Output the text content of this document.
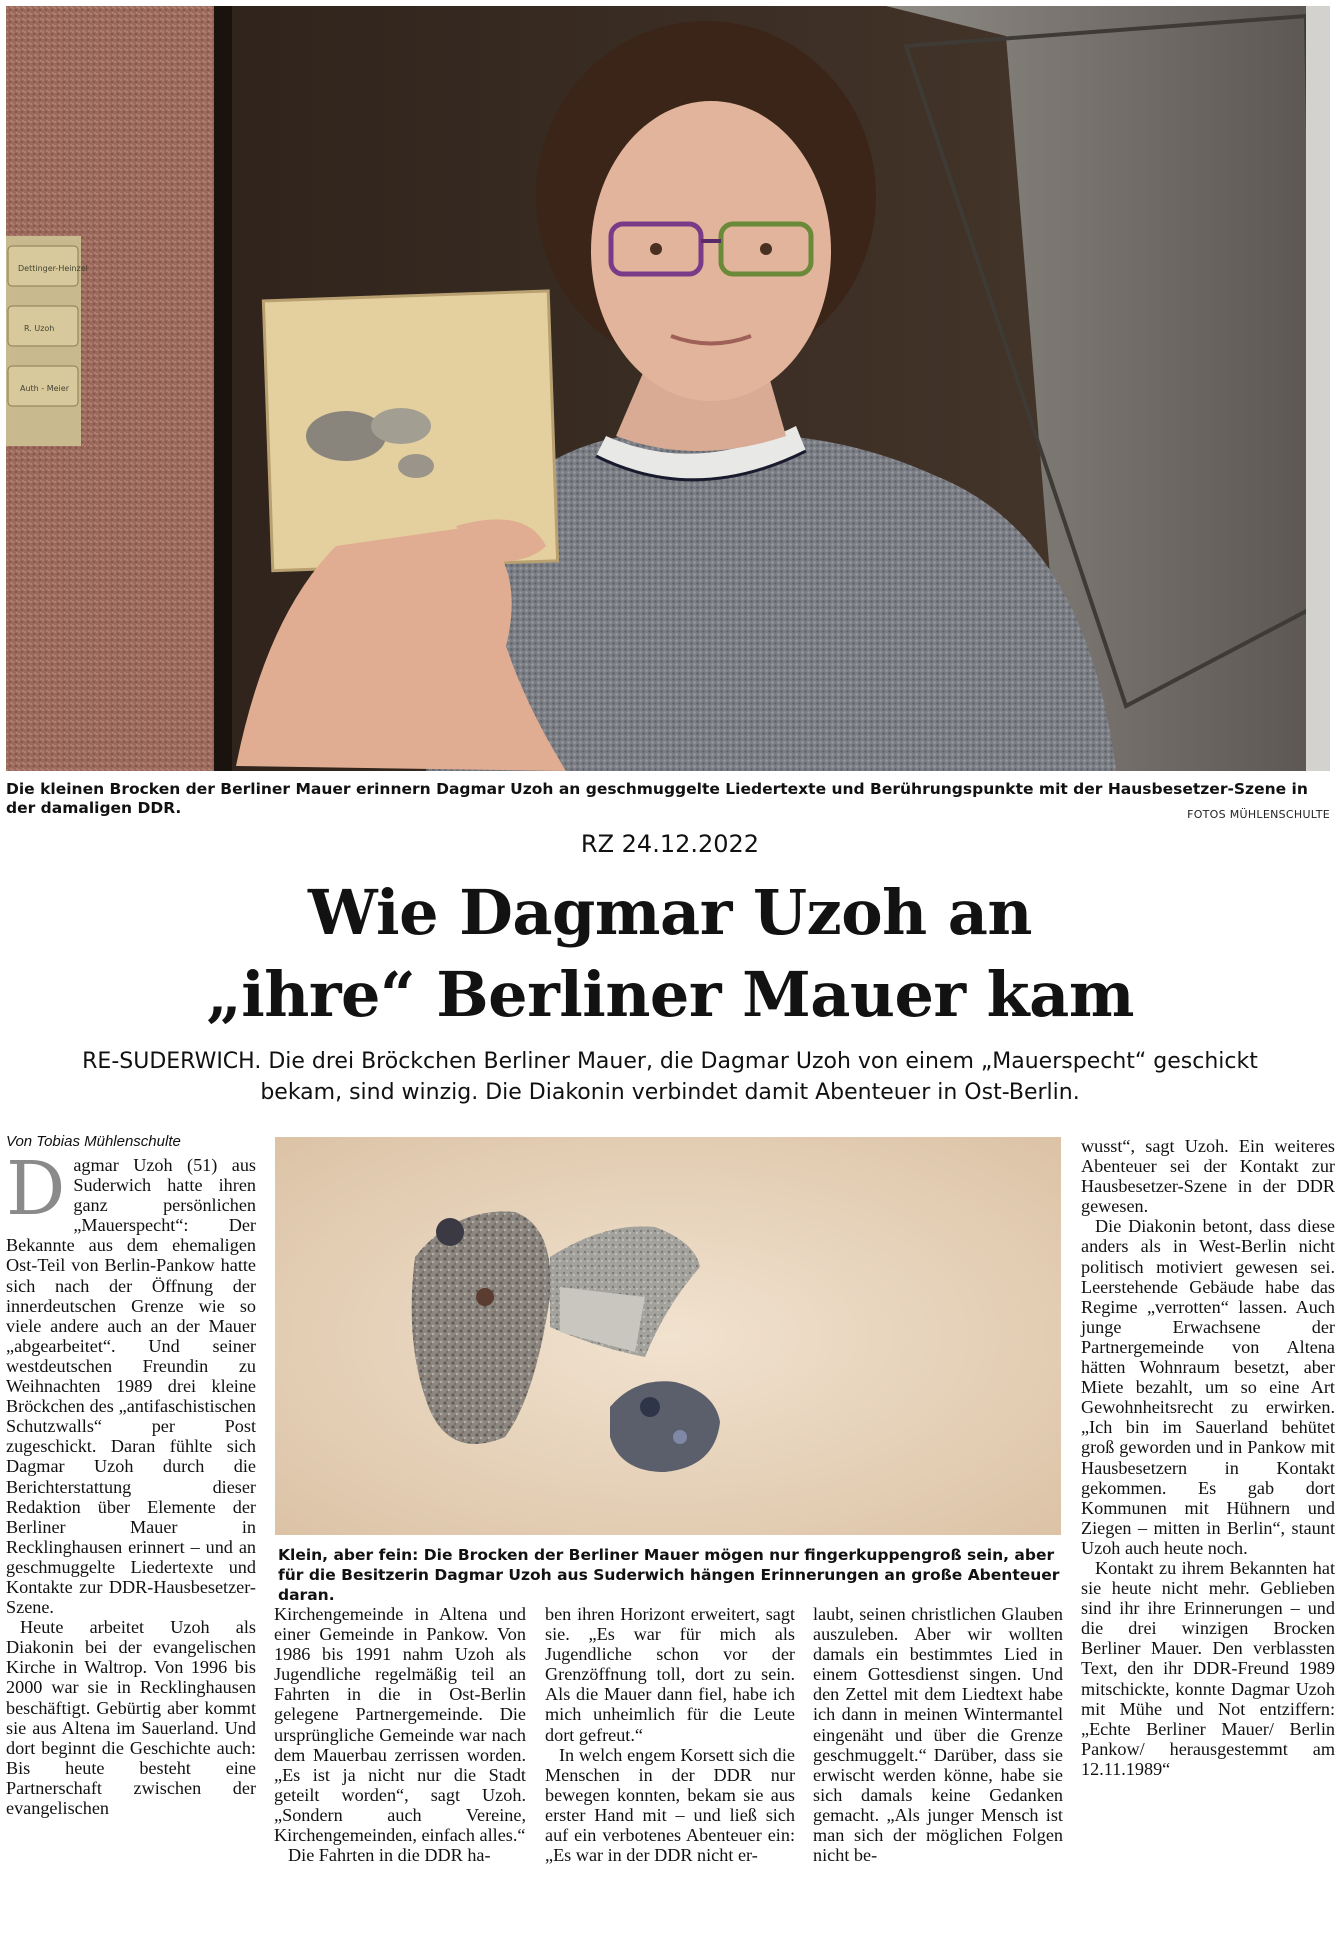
Dettinger-Heinzel
R. Uzoh
Auth - Meier
Die kleinen Brocken der Berliner Mauer erinnern Dagmar Uzoh an geschmuggelte Liedertexte und Berührungspunkte mit der Hausbesetzer-Szene in der damaligen DDR.	FOTOS MÜHLENSCHULTE
RZ 24.12.2022
Wie Dagmar Uzoh an
„ihre“ Berliner Mauer kam
RE-SUDERWICH. Die drei Bröckchen Berliner Mauer, die Dagmar Uzoh von einem „Mauerspecht“ geschickt bekam, sind winzig. Die Diakonin verbindet damit Abenteuer in Ost-Berlin.

Von Tobias Mühlenschulte

Dagmar Uzoh (51) aus Suderwich hatte ihren ganz persönlichen „Mauerspecht“: Der Bekannte aus dem ehemaligen Ost-Teil von Berlin-Pankow hatte sich nach der Öffnung der innerdeutschen Grenze wie so viele andere auch an der Mauer „abgearbeitet“. Und seiner westdeutschen Freundin zu Weihnachten 1989 drei kleine Bröckchen des „antifaschistischen Schutzwalls“ per Post zugeschickt. Daran fühlte sich Dagmar Uzoh durch die Berichterstattung dieser Redaktion über Elemente der Berliner Mauer in Recklinghausen erinnert – und an geschmuggelte Liedertexte und Kontakte zur DDR-Hausbesetzer-Szene.

Heute arbeitet Uzoh als Diakonin bei der evangelischen Kirche in Waltrop. Von 1996 bis 2000 war sie in Recklinghausen beschäftigt. Gebürtig aber kommt sie aus Altena im Sauerland. Und dort beginnt die Geschichte auch: Bis heute besteht eine Partnerschaft zwischen der evangelischen

Klein, aber fein: Die Brocken der Berliner Mauer mögen nur fingerkuppengroß sein, aber für die Besitzerin Dagmar Uzoh aus Suderwich hängen Erinnerungen an große Abenteuer daran.

Kirchengemeinde in Altena und einer Gemeinde in Pankow. Von 1986 bis 1991 nahm Uzoh als Jugendliche regelmäßig teil an Fahrten in die in Ost-Berlin gelegene Partnergemeinde. Die ursprüngliche Gemeinde war nach dem Mauerbau zerrissen worden. „Es ist ja nicht nur die Stadt geteilt worden“, sagt Uzoh. „Sondern auch Vereine, Kirchengemeinden, einfach alles.“

Die Fahrten in die DDR ha-

ben ihren Horizont erweitert, sagt sie. „Es war für mich als Jugendliche schon vor der Grenzöffnung toll, dort zu sein. Als die Mauer dann fiel, habe ich mich unheimlich für die Leute dort gefreut.“

In welch engem Korsett sich die Menschen in der DDR nur bewegen konnten, bekam sie aus erster Hand mit – und ließ sich auf ein verbotenes Abenteuer ein: „Es war in der DDR nicht er-

laubt, seinen christlichen Glauben auszuleben. Aber wir wollten damals ein bestimmtes Lied in einem Gottesdienst singen. Und den Zettel mit dem Liedtext habe ich dann in meinen Wintermantel eingenäht und über die Grenze geschmuggelt.“ Darüber, dass sie erwischt werden könne, habe sie sich damals keine Gedanken gemacht. „Als junger Mensch ist man sich der möglichen Folgen nicht be-

wusst“, sagt Uzoh. Ein weiteres Abenteuer sei der Kontakt zur Hausbesetzer-Szene in der DDR gewesen.

Die Diakonin betont, dass diese anders als in West-Berlin nicht politisch motiviert gewesen sei. Leerstehende Gebäude habe das Regime „verrotten“ lassen. Auch junge Erwachsene der Partnergemeinde von Altena hätten Wohnraum besetzt, aber Miete bezahlt, um so eine Art Gewohnheitsrecht zu erwirken. „Ich bin im Sauerland behütet groß geworden und in Pankow mit Hausbesetzern in Kontakt gekommen. Es gab dort Kommunen mit Hühnern und Ziegen – mitten in Berlin“, staunt Uzoh auch heute noch.

Kontakt zu ihrem Bekannten hat sie heute nicht mehr. Geblieben sind ihr ihre Erinnerungen – und die drei winzigen Brocken Berliner Mauer. Den verblassten Text, den ihr DDR-Freund 1989 mitschickte, konnte Dagmar Uzoh mit Mühe und Not entziffern: „Echte Berliner Mauer/ Berlin Pankow/ herausgestemmt am 12.11.1989“
